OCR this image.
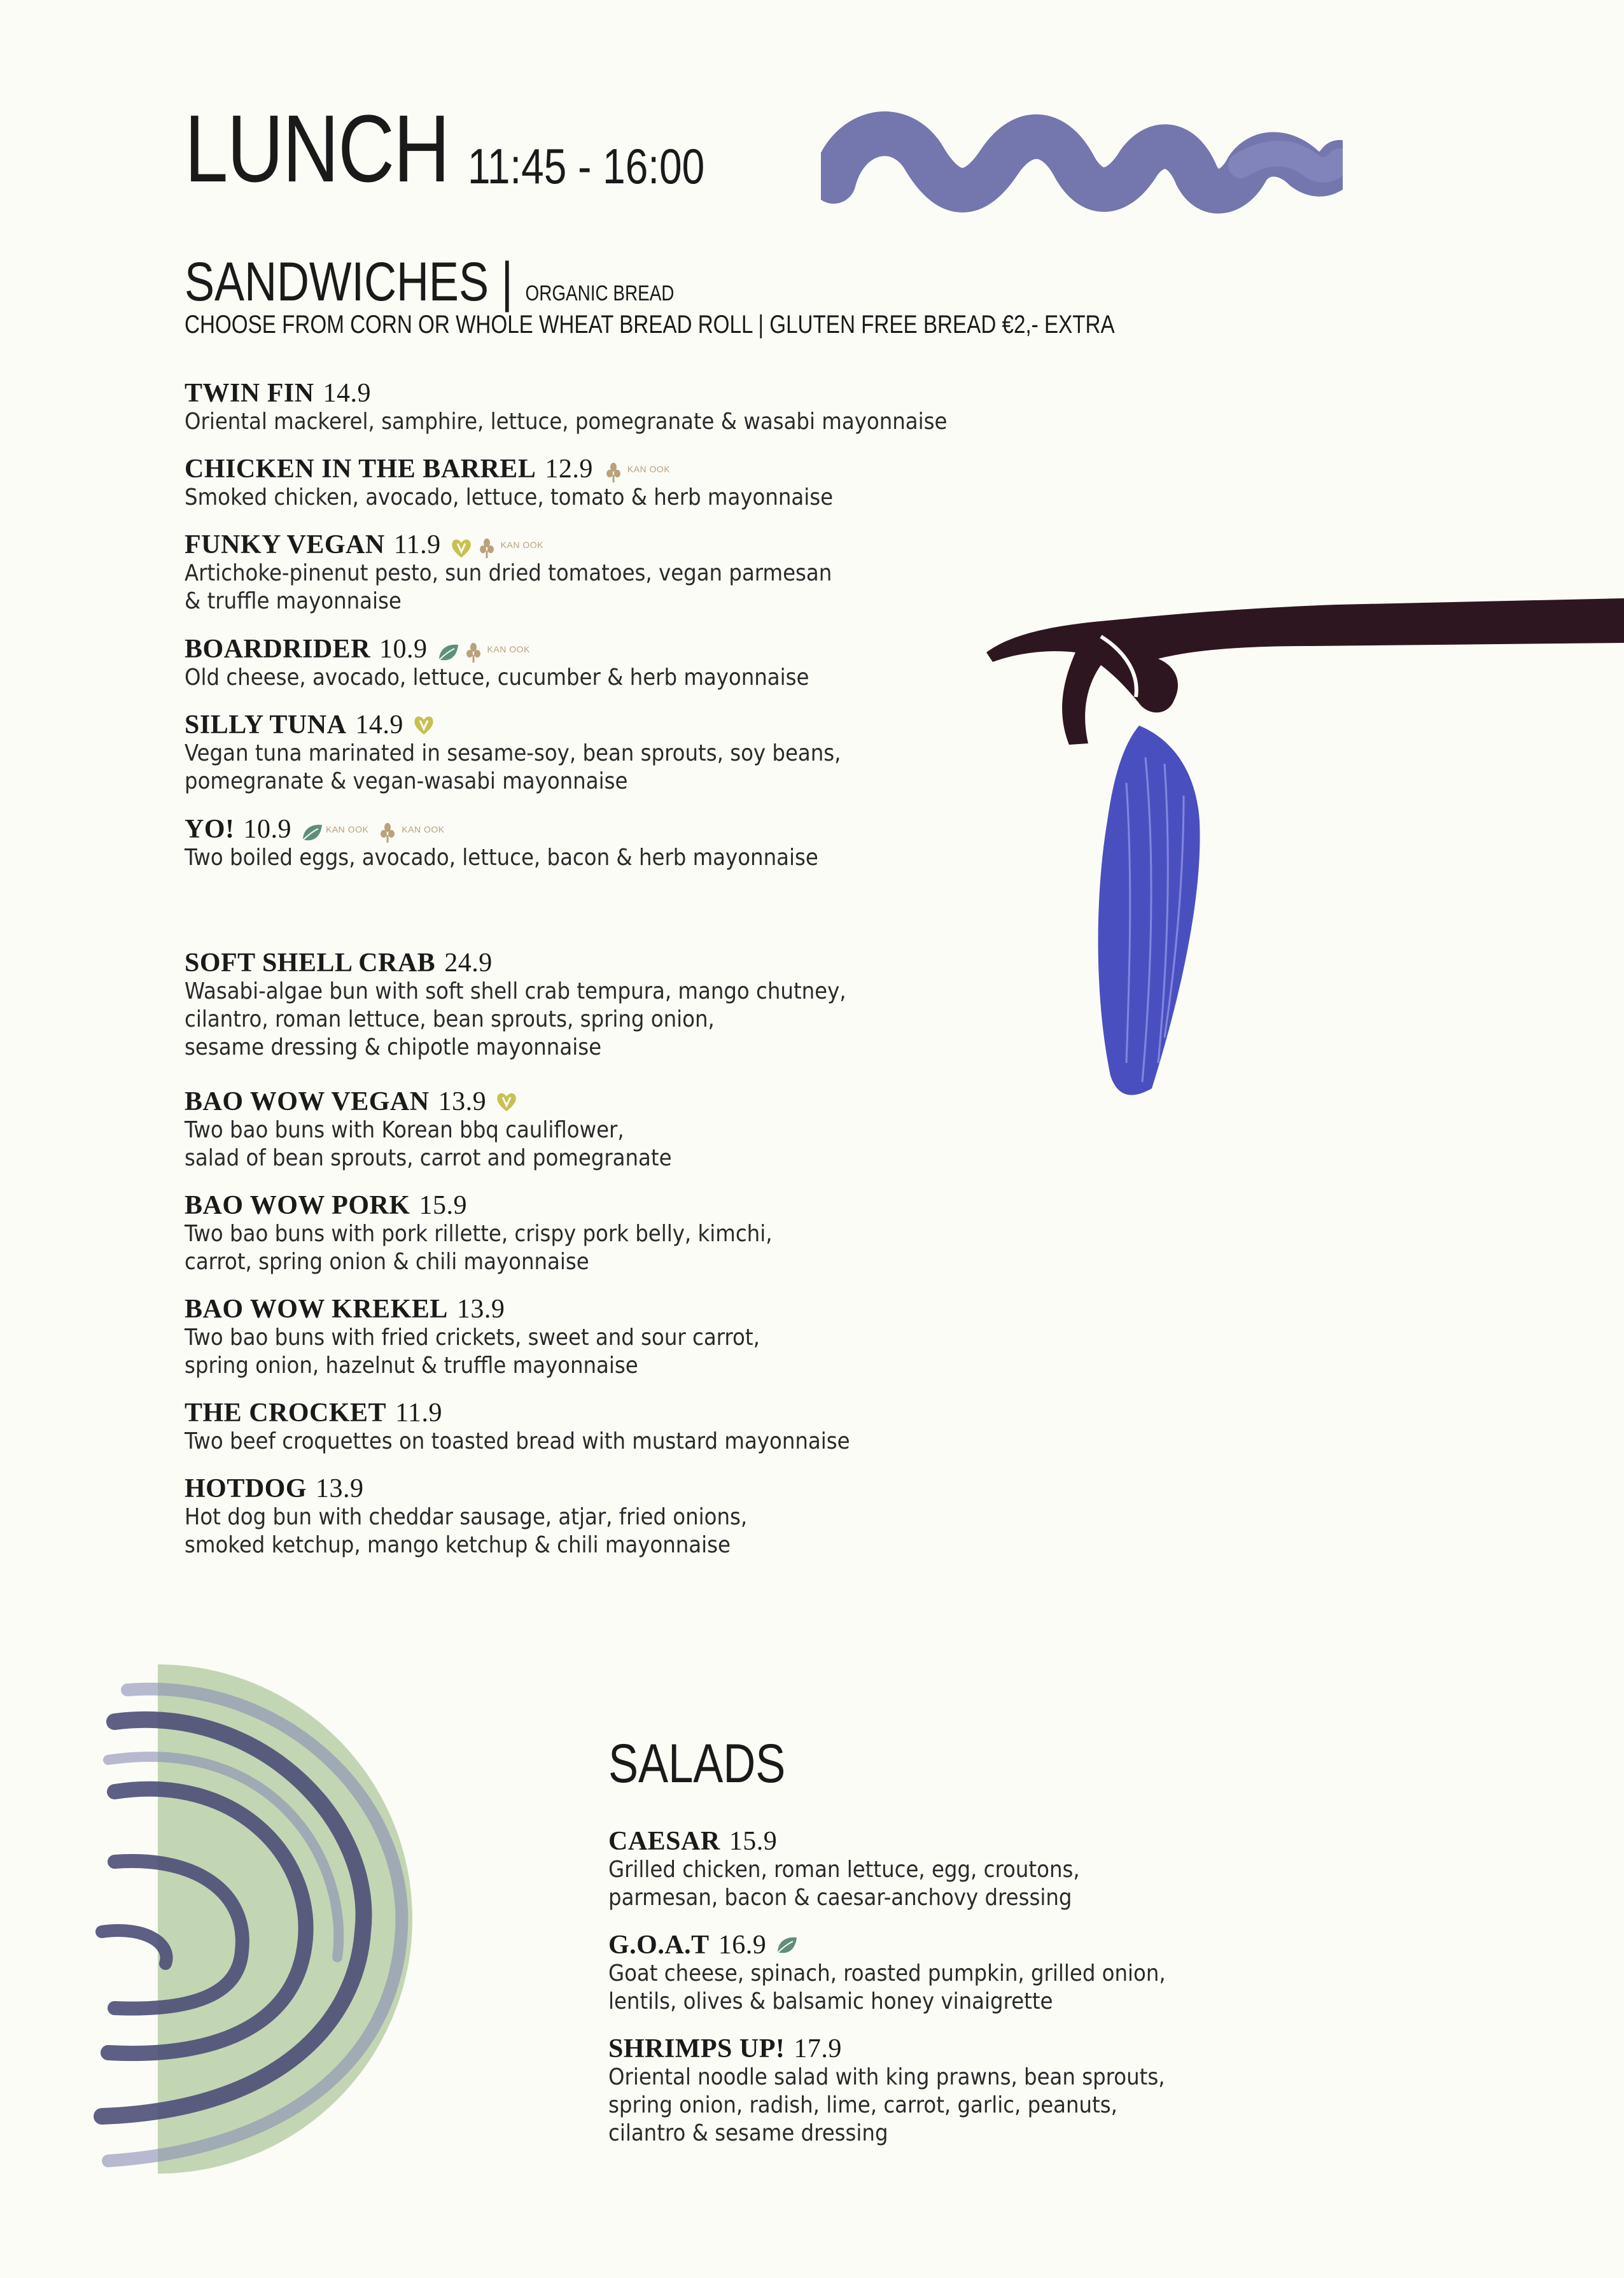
LUNCH 11:45 - 16:00
SANDWICHES | ORGANIC BREAD
CHOOSE FROM CORN OR WHOLE WHEAT BREAD ROLL | GLUTEN FREE BREAD €2,- EXTRA
TWIN FIN 14.9
Oriental mackerel, samphire, lettuce, pomegranate & wasabi mayonnaise
CHICKEN IN THE BARREL 12.9	KAN OOK
Smoked chicken, avocado, lettuce, tomato & herb mayonnaise
FUNKY VEGAN 11.9	KAN OOK
Artichoke-pinenut pesto, sun dried tomatoes, vegan parmesan
& truffle mayonnaise
BOARDRIDER 10.9	KAN OOK
Old cheese, avocado, lettuce, cucumber & herb mayonnaise
SILLY TUNA 14.9
Vegan tuna marinated in sesame-soy, bean sprouts, soy beans,
pomegranate & vegan-wasabi mayonnaise
YO! 10.9	KAN OOK	KAN OOK
Two boiled eggs, avocado, lettuce, bacon & herb mayonnaise
SOFT SHELL CRAB 24.9
Wasabi-algae bun with soft shell crab tempura, mango chutney,
cilantro, roman lettuce, bean sprouts, spring onion,
sesame dressing & chipotle mayonnaise
BAO WOW VEGAN 13.9
Two bao buns with Korean bbq cauliflower,
salad of bean sprouts, carrot and pomegranate
BAO WOW PORK 15.9
Two bao buns with pork rillette, crispy pork belly, kimchi,
carrot, spring onion & chili mayonnaise
BAO WOW KREKEL 13.9
Two bao buns with fried crickets, sweet and sour carrot,
spring onion, hazelnut & truffle mayonnaise
THE CROCKET 11.9
Two beef croquettes on toasted bread with mustard mayonnaise
HOTDOG 13.9
Hot dog bun with cheddar sausage, atjar, fried onions,
smoked ketchup, mango ketchup & chili mayonnaise
SALADS
CAESAR 15.9
Grilled chicken, roman lettuce, egg, croutons,
parmesan, bacon & caesar-anchovy dressing
G.O.A.T 16.9
Goat cheese, spinach, roasted pumpkin, grilled onion,
lentils, olives & balsamic honey vinaigrette
SHRIMPS UP! 17.9
Oriental noodle salad with king prawns, bean sprouts,
spring onion, radish, lime, carrot, garlic, peanuts,
cilantro & sesame dressing
